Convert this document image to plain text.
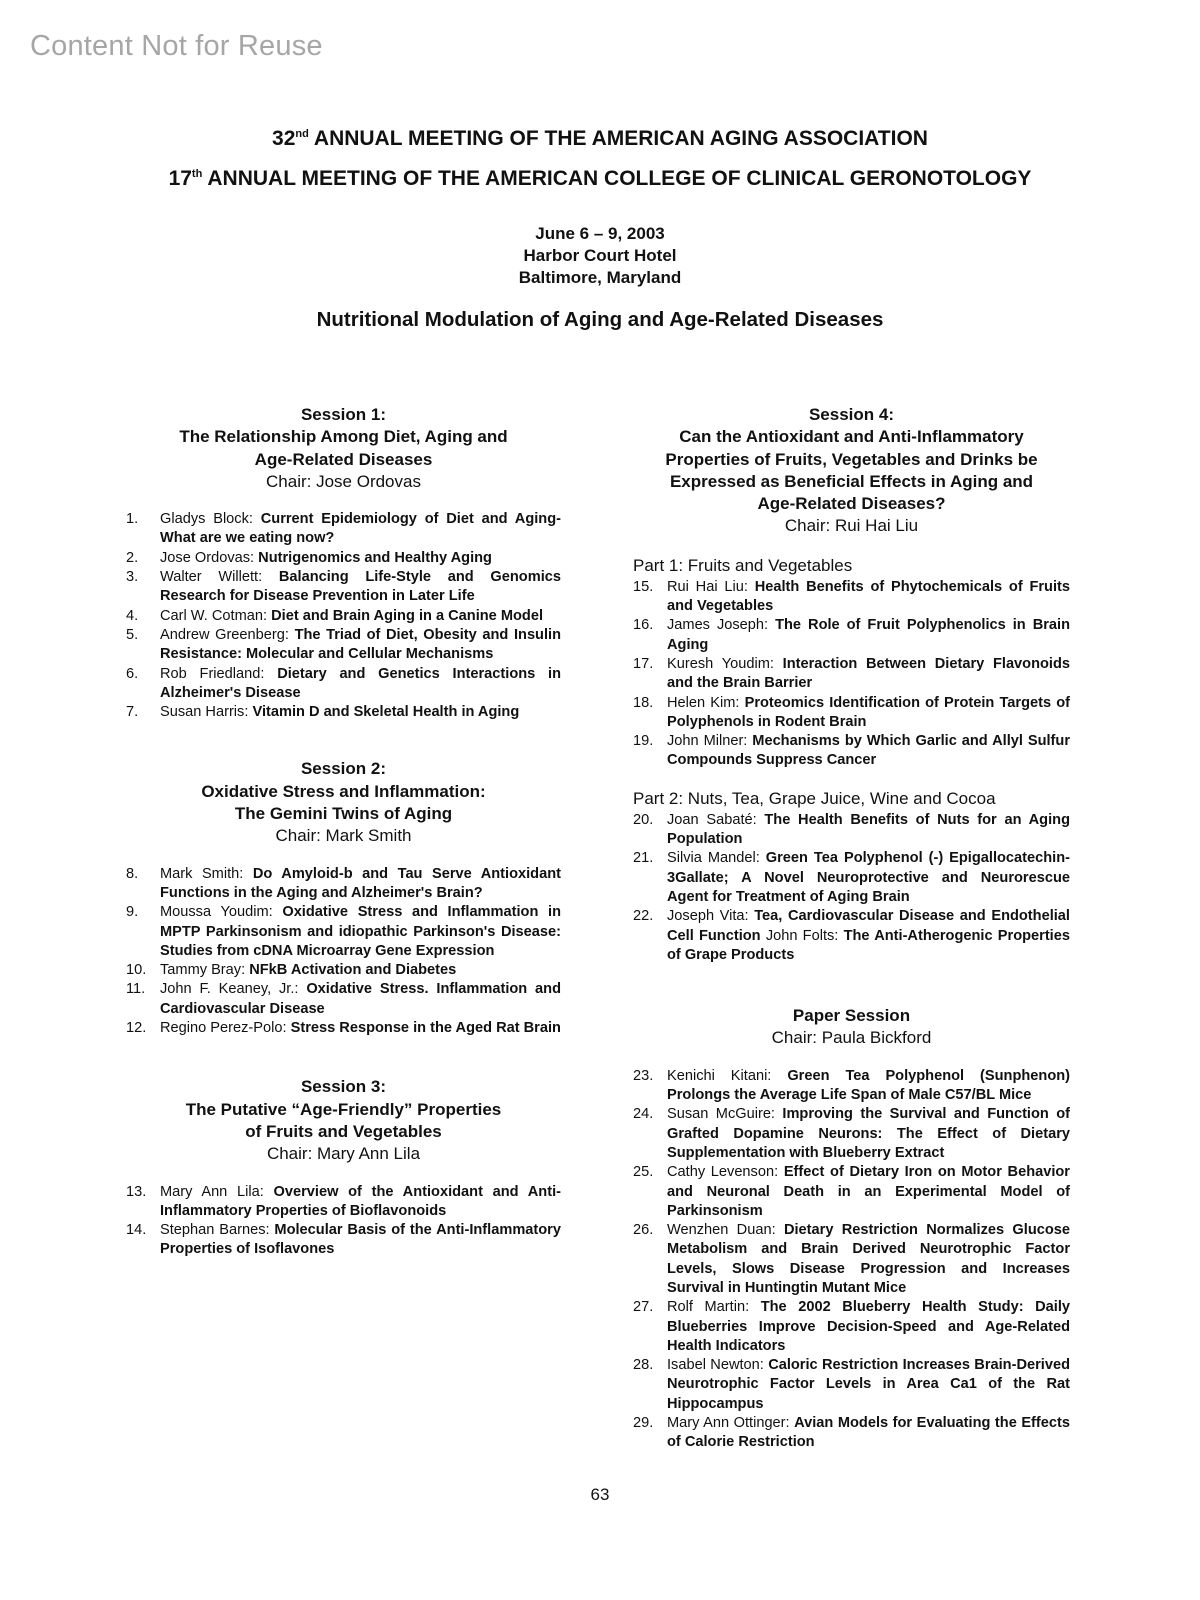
Content Not for Reuse
32nd ANNUAL MEETING OF THE AMERICAN AGING ASSOCIATION
17th ANNUAL MEETING OF THE AMERICAN COLLEGE OF CLINICAL GERONOTOLOGY
June 6 – 9, 2003
Harbor Court Hotel
Baltimore, Maryland
Nutritional Modulation of Aging and Age-Related Diseases
Session 1:
The Relationship Among Diet, Aging and
Age-Related Diseases
Chair: Jose Ordovas
1.	Gladys Block: Current Epidemiology of Diet and Aging-What are we eating now?
2.	Jose Ordovas: Nutrigenomics and Healthy Aging
3.	Walter Willett: Balancing Life-Style and Genomics Research for Disease Prevention in Later Life
4.	Carl W. Cotman: Diet and Brain Aging in a Canine Model
5.	Andrew Greenberg: The Triad of Diet, Obesity and Insulin Resistance: Molecular and Cellular Mechanisms
6.	Rob Friedland: Dietary and Genetics Interactions in Alzheimer's Disease
7.	Susan Harris: Vitamin D and Skeletal Health in Aging
Session 2:
Oxidative Stress and Inflammation:
The Gemini Twins of Aging
Chair: Mark Smith
8.	Mark Smith: Do Amyloid-b and Tau Serve Antioxidant Functions in the Aging and Alzheimer's Brain?
9.	Moussa Youdim: Oxidative Stress and Inflammation in MPTP Parkinsonism and idiopathic Parkinson's Disease: Studies from cDNA Microarray Gene Expression
10. Tammy Bray: NFkB Activation and Diabetes
11.	John F. Keaney, Jr.: Oxidative Stress. Inflammation and Cardiovascular Disease
12. Regino Perez-Polo: Stress Response in the Aged Rat Brain
Session 3:
The Putative “Age-Friendly” Properties
of Fruits and Vegetables
Chair: Mary Ann Lila
13. Mary Ann Lila: Overview of the Antioxidant and Anti-Inflammatory Properties of Bioflavonoids
14. Stephan Barnes: Molecular Basis of the Anti-Inflammatory Properties of Isoflavones
Session 4:
Can the Antioxidant and Anti-Inflammatory
Properties of Fruits, Vegetables and Drinks be
Expressed as Beneficial Effects in Aging and
Age-Related Diseases?
Chair: Rui Hai Liu
Part 1: Fruits and Vegetables
15. Rui Hai Liu: Health Benefits of Phytochemicals of Fruits and Vegetables
16. James Joseph: The Role of Fruit Polyphenolics in Brain Aging
17. Kuresh Youdim: Interaction Between Dietary Flavonoids and the Brain Barrier
18. Helen Kim: Proteomics Identification of Protein Targets of Polyphenols in Rodent Brain
19. John Milner: Mechanisms by Which Garlic and Allyl Sulfur Compounds Suppress Cancer
Part 2: Nuts, Tea, Grape Juice, Wine and Cocoa
20. Joan Sabaté: The Health Benefits of Nuts for an Aging Population
21. Silvia Mandel: Green Tea Polyphenol (-) Epigallocatechin-3Gallate; A Novel Neuroprotective and Neurorescue Agent for Treatment of Aging Brain
22. Joseph Vita: Tea, Cardiovascular Disease and Endothelial Cell Function John Folts: The Anti-Atherogenic Properties of Grape Products
Paper Session
Chair: Paula Bickford
23. Kenichi Kitani: Green Tea Polyphenol (Sunphenon) Prolongs the Average Life Span of Male C57/BL Mice
24. Susan McGuire: Improving the Survival and Function of Grafted Dopamine Neurons: The Effect of Dietary Supplementation with Blueberry Extract
25. Cathy Levenson: Effect of Dietary Iron on Motor Behavior and Neuronal Death in an Experimental Model of Parkinsonism
26. Wenzhen Duan: Dietary Restriction Normalizes Glucose Metabolism and Brain Derived Neurotrophic Factor Levels, Slows Disease Progression and Increases Survival in Huntingtin Mutant Mice
27. Rolf Martin: The 2002 Blueberry Health Study: Daily Blueberries Improve Decision-Speed and Age-Related Health Indicators
28. Isabel Newton: Caloric Restriction Increases Brain-Derived Neurotrophic Factor Levels in Area Ca1 of the Rat Hippocampus
29. Mary Ann Ottinger: Avian Models for Evaluating the Effects of Calorie Restriction
63
